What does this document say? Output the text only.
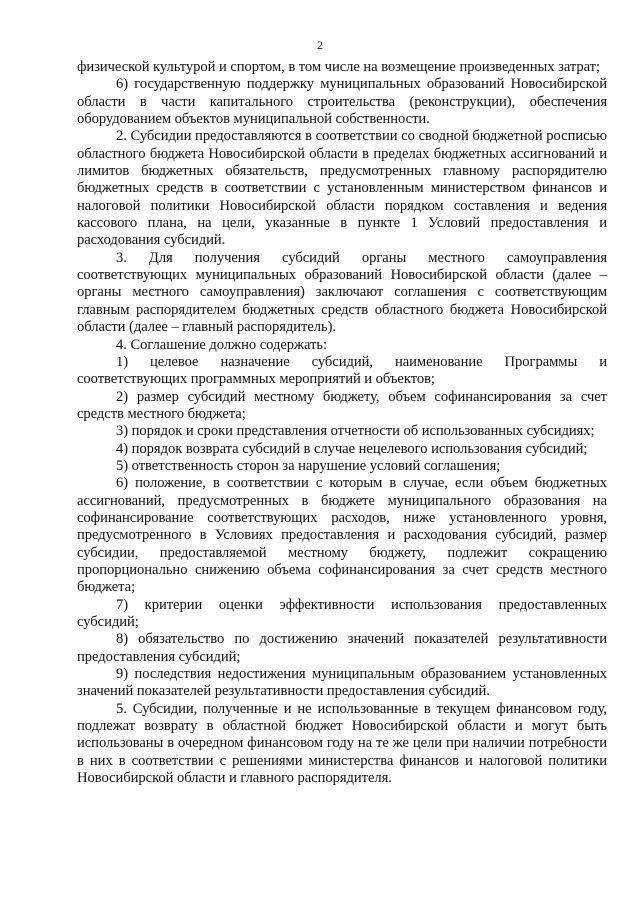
2

физической культурой и спортом, в том числе на возмещение произведенных затрат;

6) государственную поддержку муниципальных образований Новосибирской области в части капитального строительства (реконструкции), обеспечения оборудованием объектов муниципальной собственности.

2. Субсидии предоставляются в соответствии со сводной бюджетной росписью областного бюджета Новосибирской области в пределах бюджетных ассигнований и лимитов бюджетных обязательств, предусмотренных главному распорядителю бюджетных средств в соответствии с установленным министерством финансов и налоговой политики Новосибирской области порядком составления и ведения кассового плана, на цели, указанные в пункте 1 Условий предоставления и расходования субсидий.

3. Для получения субсидий органы местного самоуправления соответствующих муниципальных образований Новосибирской области (далее – органы местного самоуправления) заключают соглашения с соответствующим главным распорядителем бюджетных средств областного бюджета Новосибирской области (далее – главный распорядитель).

4. Соглашение должно содержать:

1) целевое назначение субсидий, наименование Программы и соответствующих программных мероприятий и объектов;

2) размер субсидий местному бюджету, объем софинансирования за счет средств местного бюджета;

3) порядок и сроки представления отчетности об использованных субсидиях;

4) порядок возврата субсидий в случае нецелевого использования субсидий;

5) ответственность сторон за нарушение условий соглашения;

6) положение, в соответствии с которым в случае, если объем бюджетных ассигнований, предусмотренных в бюджете муниципального образования на софинансирование соответствующих расходов, ниже установленного уровня, предусмотренного в Условиях предоставления и расходования субсидий, размер субсидии, предоставляемой местному бюджету, подлежит сокращению пропорционально снижению объема софинансирования за счет средств местного бюджета;

7) критерии оценки эффективности использования предоставленных субсидий;

8) обязательство по достижению значений показателей результативности предоставления субсидий;

9) последствия недостижения муниципальным образованием установленных значений показателей результативности предоставления субсидий.

5. Субсидии, полученные и не использованные в текущем финансовом году, подлежат возврату в областной бюджет Новосибирской области и могут быть использованы в очередном финансовом году на те же цели при наличии потребности в них в соответствии с решениями министерства финансов и налоговой политики Новосибирской области и главного распорядителя.
